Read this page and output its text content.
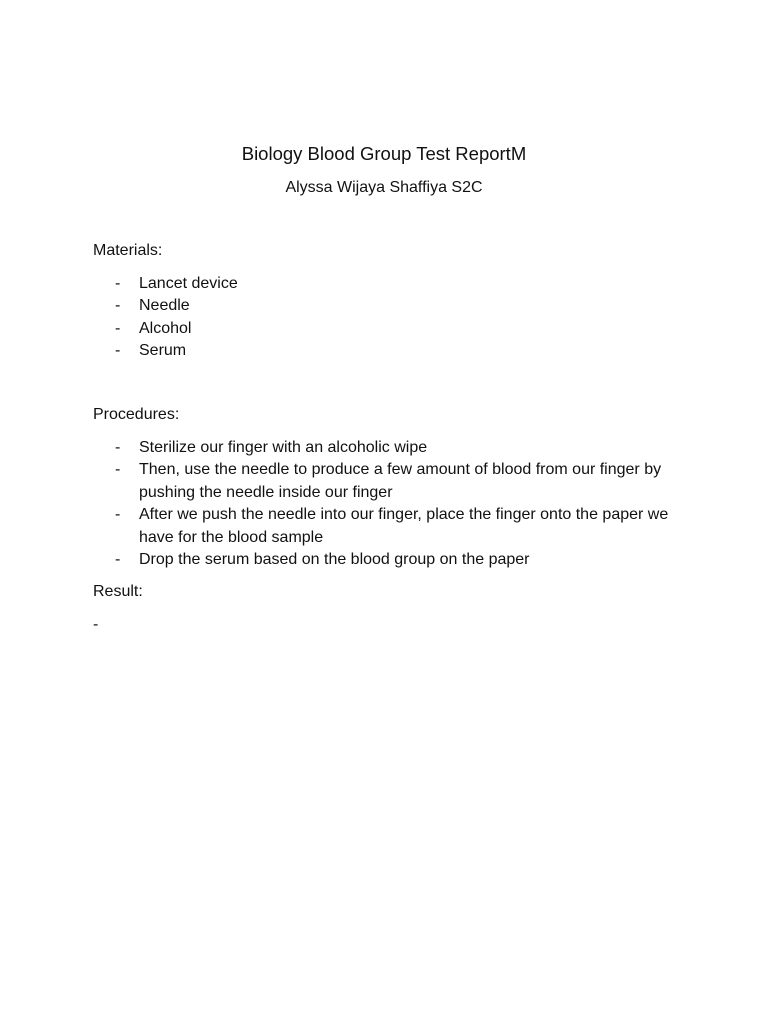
Biology Blood Group Test ReportM

Alyssa Wijaya Shaffiya S2C

Materials:

- Lancet device
- Needle
- Alcohol
- Serum

Procedures:

- Sterilize our finger with an alcoholic wipe
- Then, use the needle to produce a few amount of blood from our finger by pushing the needle inside our finger
- After we push the needle into our finger, place the finger onto the paper we have for the blood sample
- Drop the serum based on the blood group on the paper

Result:

-
